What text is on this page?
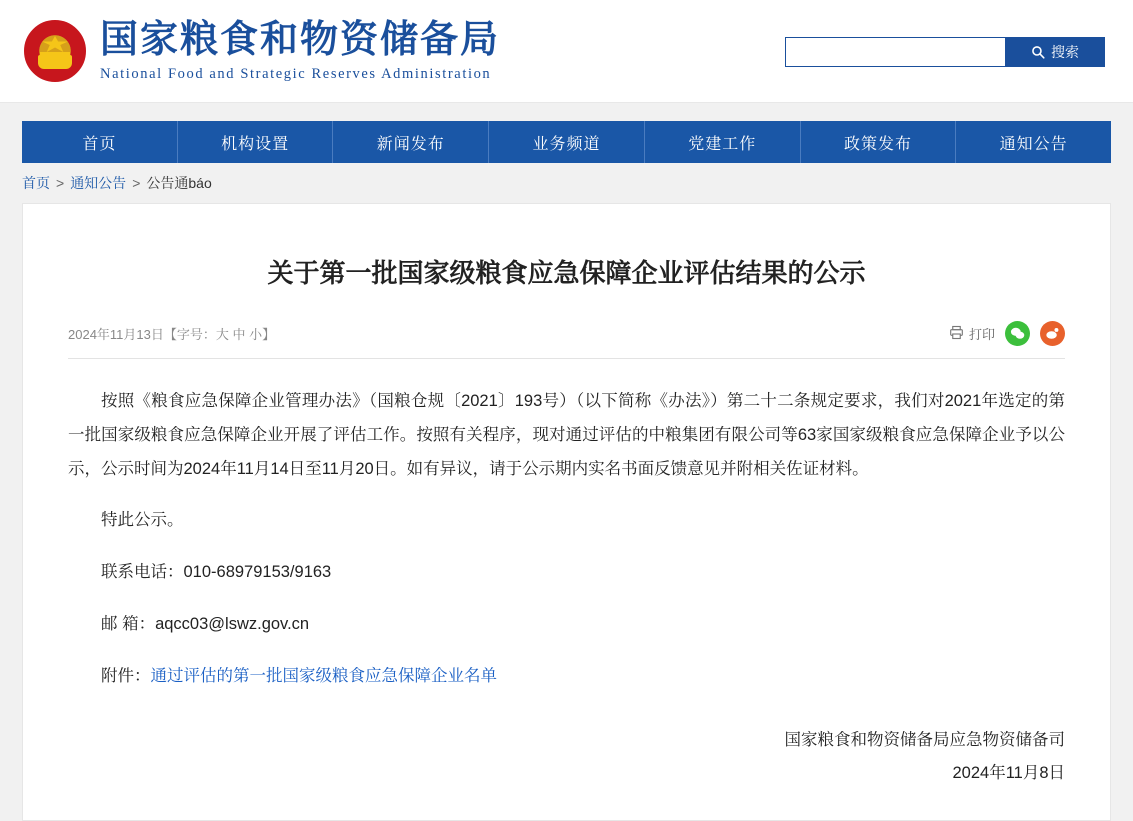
国家粮食和物资储备局
National Food and Strategic Reserves Administration
搜索
首页	机构设置	新闻发布	业务频道	党建工作	政策发布	通知公告
首页 > 通知公告 > 公告通báo
关于第一批国家级粮食应急保障企业评估结果的公示
2024年11月13日【字号：大 中 小】	打印

按照《粮食应急保障企业管理办法》（国粮仓规〔2021〕193号）（以下简称《办法》）第二十二条规定要求，我们对2021年选定的第一批国家级粮食应急保障企业开展了评估工作。按照有关程序，现对通过评估的中粮集团有限公司等63家国家级粮食应急保障企业予以公示，公示时间为2024年11月14日至11月20日。如有异议，请于公示期内实名书面反馈意见并附相关佐证材料。

特此公示。

联系电话：010-68979153/9163

邮 箱：aqcc03@lswz.gov.cn

附件：通过评估的第一批国家级粮食应急保障企业名单

国家粮食和物资储备局应急物资储备司
2024年11月8日
